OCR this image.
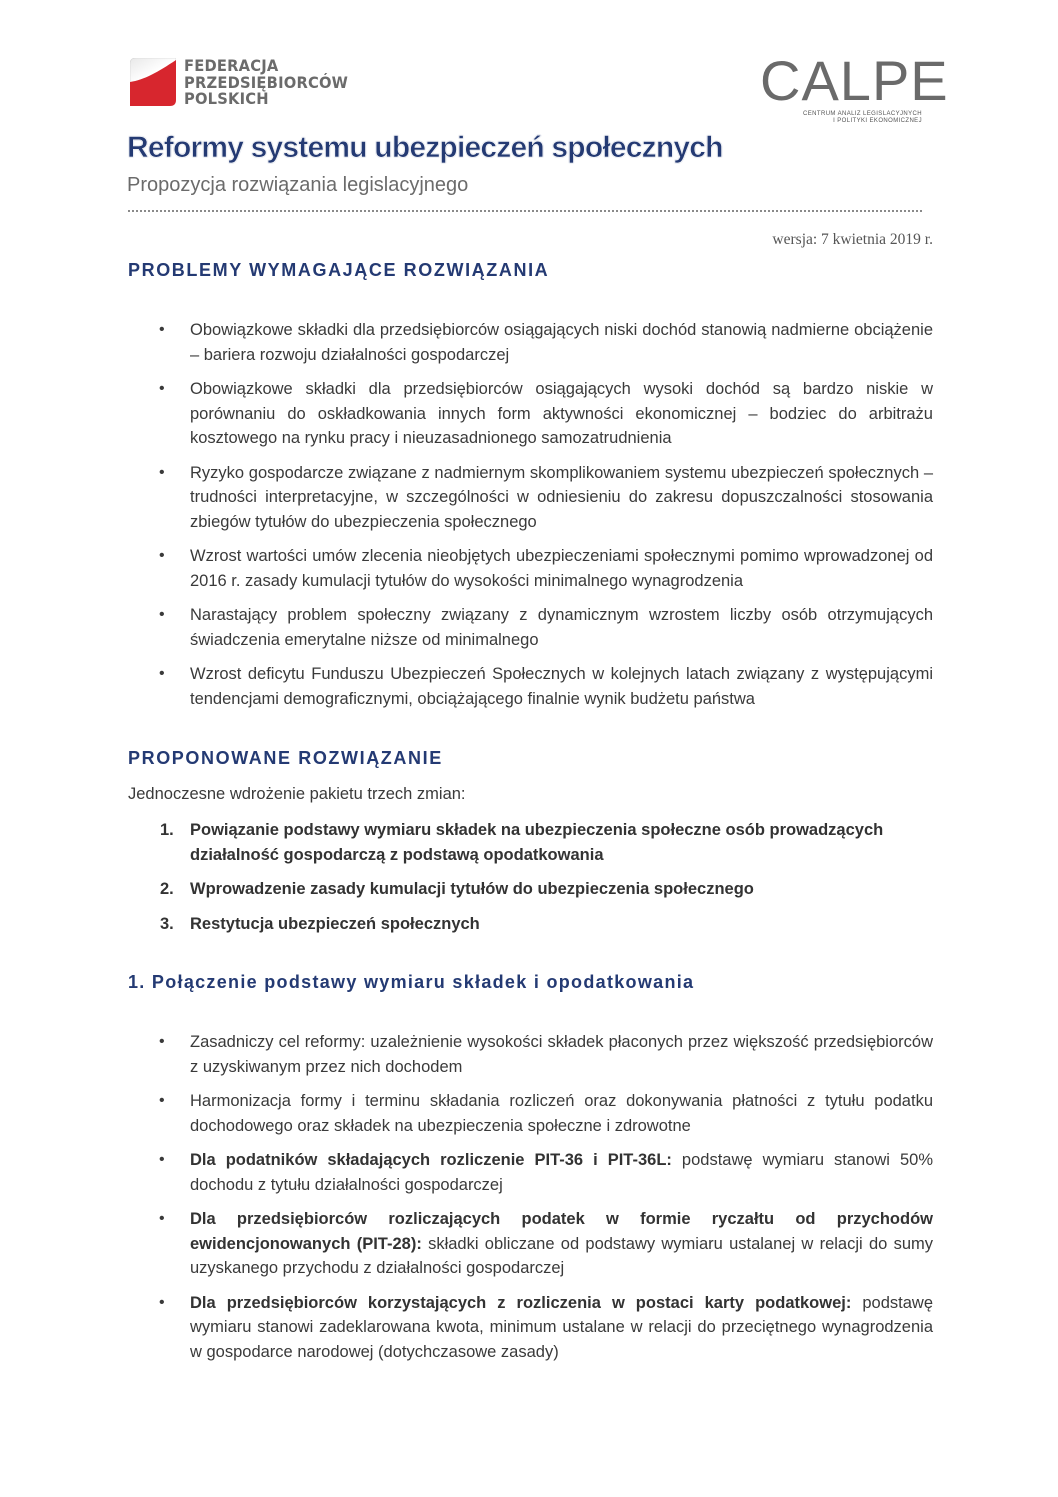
FEDERACJA
PRZEDSIĘBIORCÓW
POLSKICH	CALPE
CENTRUM ANALIZ LEGISLACYJNYCH
I POLITYKI EKONOMICZNEJ
Reformy systemu ubezpieczeń społecznych
Propozycja rozwiązania legislacyjnego
wersja: 7 kwietnia 2019 r.
PROBLEMY WYMAGAJĄCE ROZWIĄZANIA
• Obowiązkowe składki dla przedsiębiorców osiągających niski dochód stanowią nadmierne obciążenie – bariera rozwoju działalności gospodarczej
• Obowiązkowe składki dla przedsiębiorców osiągających wysoki dochód są bardzo niskie w porównaniu do oskładkowania innych form aktywności ekonomicznej – bodziec do arbitrażu kosztowego na rynku pracy i nieuzasadnionego samozatrudnienia
• Ryzyko gospodarcze związane z nadmiernym skomplikowaniem systemu ubezpieczeń społecznych – trudności interpretacyjne, w szczególności w odniesieniu do zakresu dopuszczalności stosowania zbiegów tytułów do ubezpieczenia społecznego
• Wzrost wartości umów zlecenia nieobjętych ubezpieczeniami społecznymi pomimo wprowadzonej od 2016 r. zasady kumulacji tytułów do wysokości minimalnego wynagrodzenia
• Narastający problem społeczny związany z dynamicznym wzrostem liczby osób otrzymujących świadczenia emerytalne niższe od minimalnego
• Wzrost deficytu Funduszu Ubezpieczeń Społecznych w kolejnych latach związany z występującymi tendencjami demograficznymi, obciążającego finalnie wynik budżetu państwa
PROPONOWANE ROZWIĄZANIE
Jednoczesne wdrożenie pakietu trzech zmian:
1. Powiązanie podstawy wymiaru składek na ubezpieczenia społeczne osób prowadzących działalność gospodarczą z podstawą opodatkowania
2. Wprowadzenie zasady kumulacji tytułów do ubezpieczenia społecznego
3. Restytucja ubezpieczeń społecznych
1. Połączenie podstawy wymiaru składek i opodatkowania
• Zasadniczy cel reformy: uzależnienie wysokości składek płaconych przez większość przedsiębiorców z uzyskiwanym przez nich dochodem
• Harmonizacja formy i terminu składania rozliczeń oraz dokonywania płatności z tytułu podatku dochodowego oraz składek na ubezpieczenia społeczne i zdrowotne
• Dla podatników składających rozliczenie PIT-36 i PIT-36L: podstawę wymiaru stanowi 50% dochodu z tytułu działalności gospodarczej
• Dla przedsiębiorców rozliczających podatek w formie ryczałtu od przychodów ewidencjonowanych (PIT-28): składki obliczane od podstawy wymiaru ustalanej w relacji do sumy uzyskanego przychodu z działalności gospodarczej
• Dla przedsiębiorców korzystających z rozliczenia w postaci karty podatkowej: podstawę wymiaru stanowi zadeklarowana kwota, minimum ustalane w relacji do przeciętnego wynagrodzenia w gospodarce narodowej (dotychczasowe zasady)
